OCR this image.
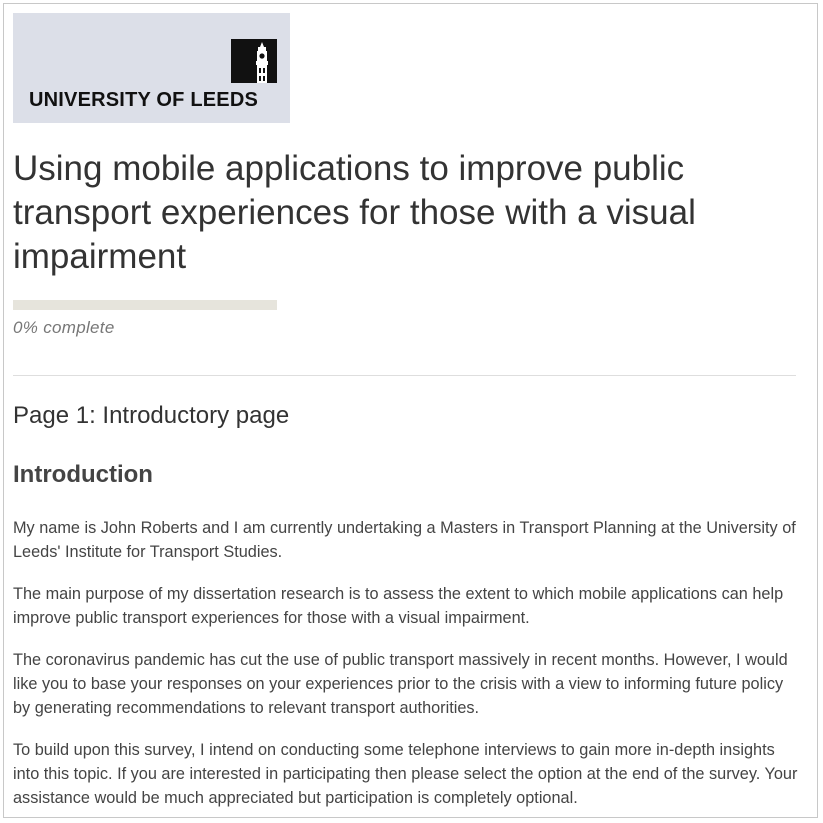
UNIVERSITY OF LEEDS
Using mobile applications to improve public transport experiences for those with a visual impairment
0% complete
Page 1: Introductory page
Introduction

My name is John Roberts and I am currently undertaking a Masters in Transport Planning at the University of Leeds' Institute for Transport Studies.

The main purpose of my dissertation research is to assess the extent to which mobile applications can help improve public transport experiences for those with a visual impairment.

The coronavirus pandemic has cut the use of public transport massively in recent months. However, I would like you to base your responses on your experiences prior to the crisis with a view to informing future policy by generating recommendations to relevant transport authorities.

To build upon this survey, I intend on conducting some telephone interviews to gain more in-depth insights into this topic. If you are interested in participating then please select the option at the end of the survey. Your assistance would be much appreciated but participation is completely optional.
